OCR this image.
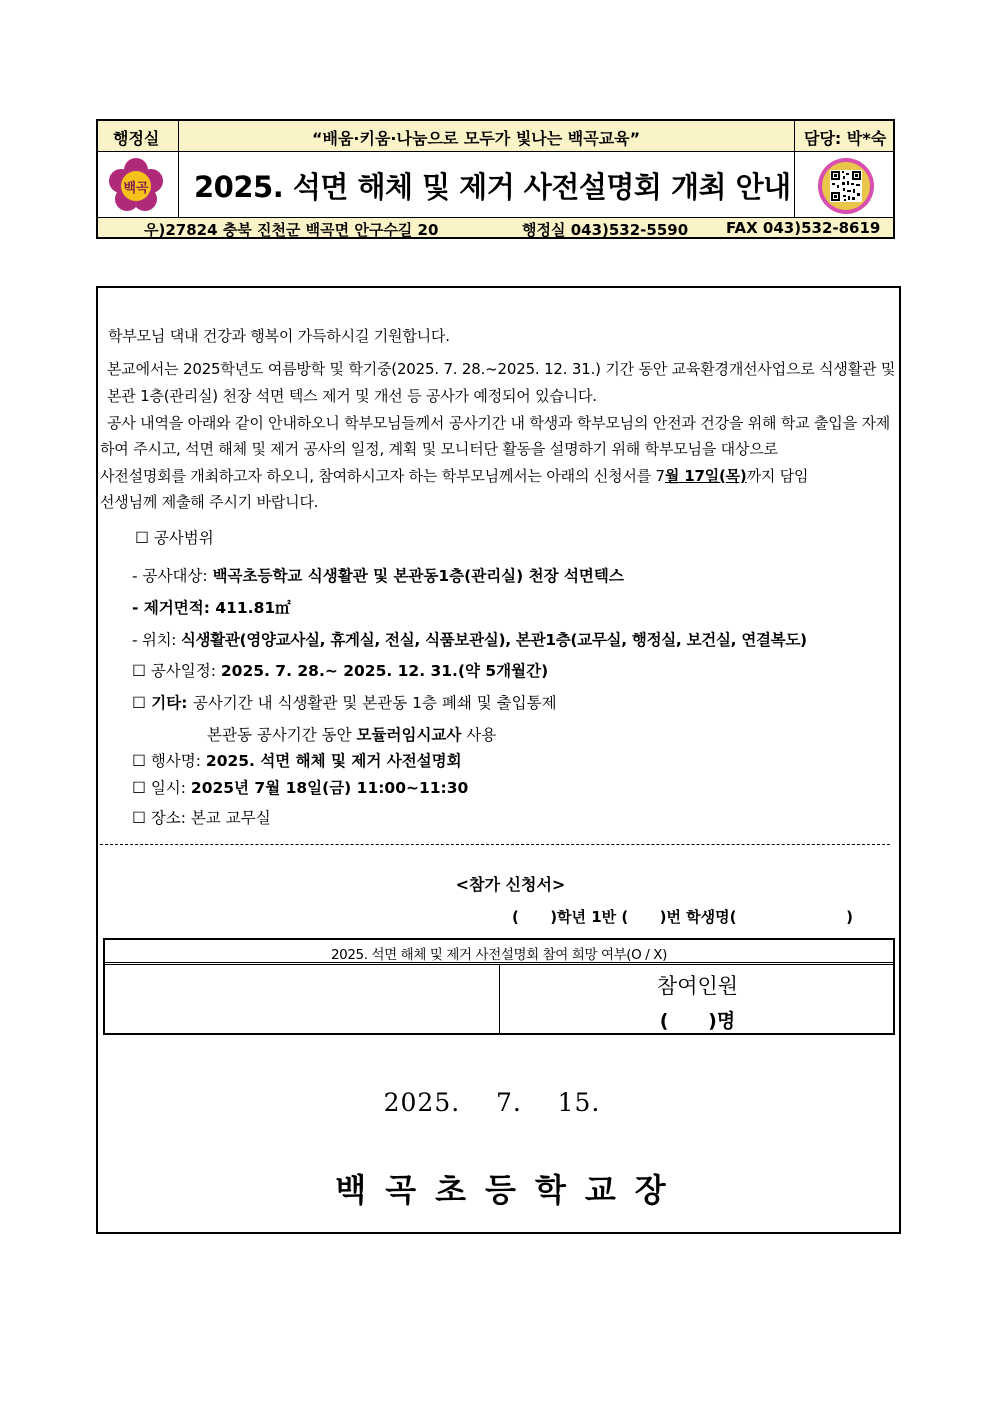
행정실	“배움·키움·나눔으로 모두가 빛나는 백곡교육”	담당: 박*숙
백곡	2025. 석면 해체 및 제거 사전설명회 개최 안내
우)27824 충북 진천군 백곡면 안구수길 20	행정실 043)532-5590	FAX 043)532-8619
학부모님 댁내 건강과 행복이 가득하시길 기원합니다.
본교에서는 2025학년도 여름방학 및 학기중(2025. 7. 28.~2025. 12. 31.) 기간 동안 교육환경개선사업으로 식생활관 및
본관 1층(관리실) 천장 석면 텍스 제거 및 개선 등 공사가 예정되어 있습니다.
공사 내역을 아래와 같이 안내하오니 학부모님들께서 공사기간 내 학생과 학부모님의 안전과 건강을 위해 학교 출입을 자제
하여 주시고, 석면 해체 및 제거 공사의 일정, 계획 및 모니터단 활동을 설명하기 위해 학부모님을 대상으로
사전설명회를 개최하고자 하오니, 참여하시고자 하는 학부모님께서는 아래의 신청서를 7월 17일(목)까지 담임
선생님께 제출해 주시기 바랍니다.
☐ 공사범위
- 공사대상: 백곡초등학교 식생활관 및 본관동1층(관리실) 천장 석면텍스
- 제거면적: 411.81㎡
- 위치: 식생활관(영양교사실, 휴게실, 전실, 식품보관실), 본관1층(교무실, 행정실, 보건실, 연결복도)
☐ 공사일정: 2025. 7. 28.~ 2025. 12. 31.(약 5개월간)
☐ 기타: 공사기간 내 식생활관 및 본관동 1층 폐쇄 및 출입통제
본관동 공사기간 동안 모듈러임시교사 사용
☐ 행사명: 2025. 석면 해체 및 제거 사전설명회
☐ 일시: 2025년 7월 18일(금) 11:00~11:30
☐ 장소: 본교 교무실
<참가 신청서>
(      )학년 1반 (      )번 학생명(                     )
2025. 석면 해체 및 제거 사전설명회 참여 희망 여부(O / X)
참여인원
(      )명
2025.    7.    15.
백곡초등학교장
